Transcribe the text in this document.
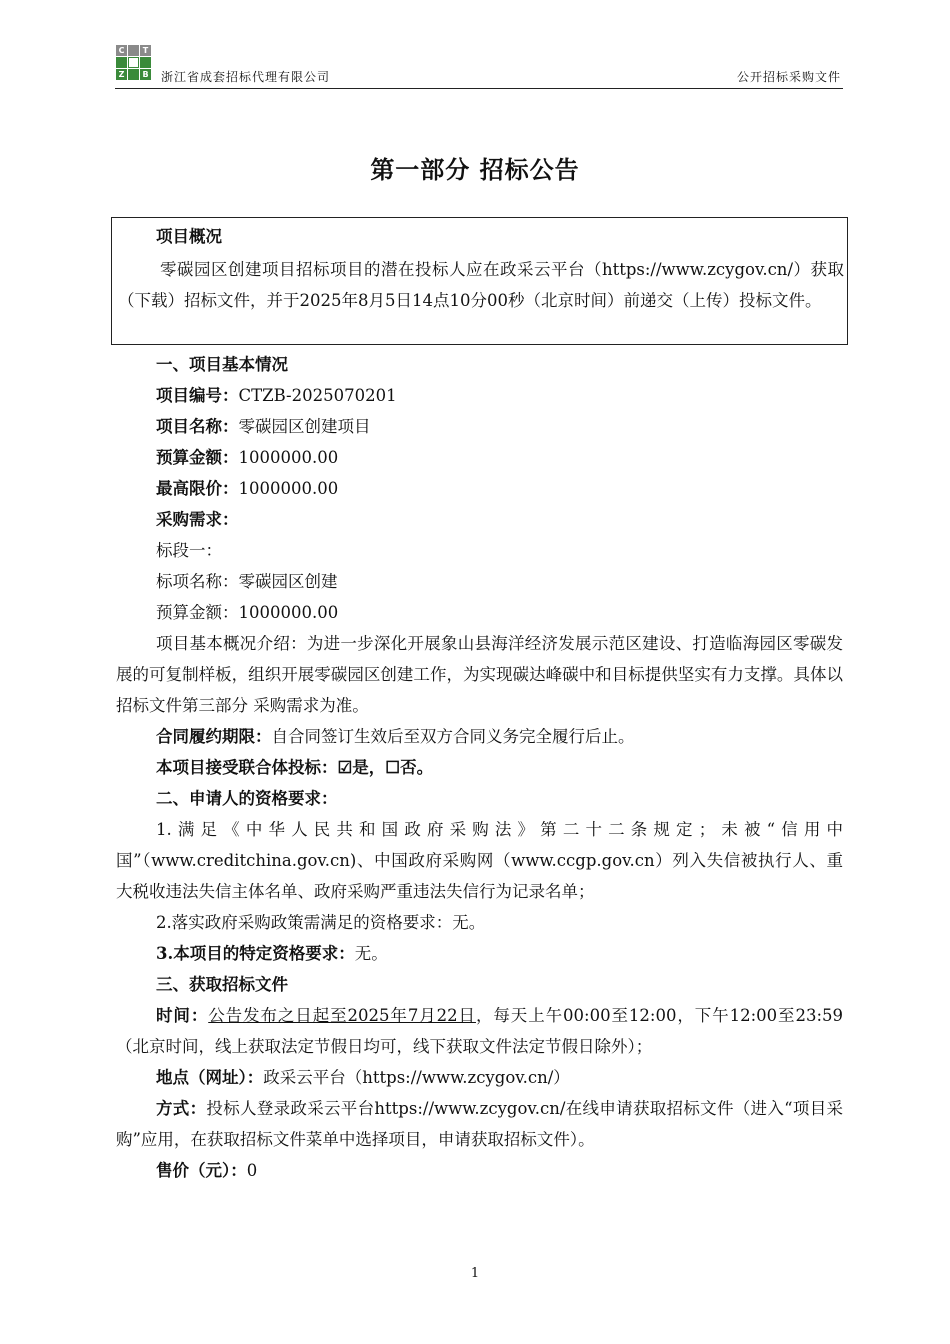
C	T
Z	B 浙江省成套招标代理有限公司	公开招标采购文件
第一部分 招标公告
项目概况
零碳园区创建项目招标项目的潜在投标人应在政采云平台（https://www.zcygov.cn/）获取（下载）招标文件，并于2025年8月5日14点10分00秒（北京时间）前递交（上传）投标文件。
一、项目基本情况
项目编号：CTZB-2025070201
项目名称：零碳园区创建项目
预算金额：1000000.00
最高限价：1000000.00
采购需求：
标段一：
标项名称：零碳园区创建
预算金额：1000000.00
项目基本概况介绍：为进一步深化开展象山县海洋经济发展示范区建设、打造临海园区零碳发展的可复制样板，组织开展零碳园区创建工作，为实现碳达峰碳中和目标提供坚实有力支撑。具体以招标文件第三部分 采购需求为准。
合同履约期限：自合同签订生效后至双方合同义务完全履行后止。
本项目接受联合体投标：☑是，☐否。
二、申请人的资格要求：
1.满足《中华人民共和国政府采购法》第二十二条规定；未被“信用中国”（www.creditchina.gov.cn)、中国政府采购网（www.ccgp.gov.cn）列入失信被执行人、重大税收违法失信主体名单、政府采购严重违法失信行为记录名单；
2.落实政府采购政策需满足的资格要求：无。
3.本项目的特定资格要求：无。
三、获取招标文件
时间：公告发布之日起至2025年7月22日，每天上午00:00至12:00，下午12:00至23:59（北京时间，线上获取法定节假日均可，线下获取文件法定节假日除外）；
地点（网址）：政采云平台（https://www.zcygov.cn/）
方式：投标人登录政采云平台https://www.zcygov.cn/在线申请获取招标文件（进入“项目采购”应用，在获取招标文件菜单中选择项目，申请获取招标文件）。
售价（元）：0
1
